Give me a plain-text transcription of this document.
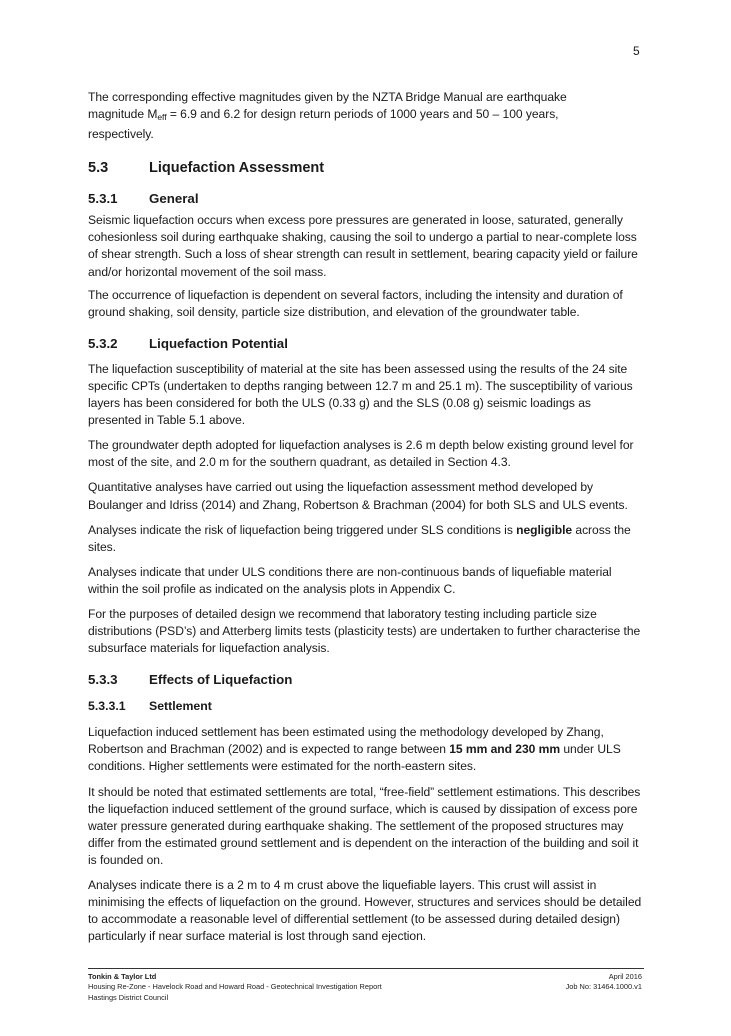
5

The corresponding effective magnitudes given by the NZTA Bridge Manual are earthquake
magnitude $M_{eff} = 6.9$ and 6.2 for design return periods of 1000 years and 50 – 100 years,
respectively.

5.3	Liquefaction Assessment
5.3.1	General

Seismic liquefaction occurs when excess pore pressures are generated in loose, saturated, generally cohesionless soil during earthquake shaking, causing the soil to undergo a partial to near-complete loss of shear strength. Such a loss of shear strength can result in settlement, bearing capacity yield or failure and/or horizontal movement of the soil mass.

The occurrence of liquefaction is dependent on several factors, including the intensity and duration of ground shaking, soil density, particle size distribution, and elevation of the groundwater table.

5.3.2	Liquefaction Potential

The liquefaction susceptibility of material at the site has been assessed using the results of the 24 site specific CPTs (undertaken to depths ranging between 12.7 m and 25.1 m). The susceptibility of various layers has been considered for both the ULS (0.33 g) and the SLS (0.08 g) seismic loadings as presented in Table 5.1 above.

The groundwater depth adopted for liquefaction analyses is 2.6 m depth below existing ground level for most of the site, and 2.0 m for the southern quadrant, as detailed in Section 4.3.

Quantitative analyses have carried out using the liquefaction assessment method developed by Boulanger and Idriss (2014) and Zhang, Robertson & Brachman (2004) for both SLS and ULS events.

Analyses indicate the risk of liquefaction being triggered under SLS conditions is negligible across the sites.

Analyses indicate that under ULS conditions there are non-continuous bands of liquefiable material within the soil profile as indicated on the analysis plots in Appendix C.

For the purposes of detailed design we recommend that laboratory testing including particle size distributions (PSD’s) and Atterberg limits tests (plasticity tests) are undertaken to further characterise the subsurface materials for liquefaction analysis.

5.3.3	Effects of Liquefaction
5.3.3.1	Settlement

Liquefaction induced settlement has been estimated using the methodology developed by Zhang, Robertson and Brachman (2002) and is expected to range between 15 mm and 230 mm under ULS conditions. Higher settlements were estimated for the north-eastern sites.

It should be noted that estimated settlements are total, “free-field” settlement estimations. This describes the liquefaction induced settlement of the ground surface, which is caused by dissipation of excess pore water pressure generated during earthquake shaking. The settlement of the proposed structures may differ from the estimated ground settlement and is dependent on the interaction of the building and soil it is founded on.

Analyses indicate there is a 2 m to 4 m crust above the liquefiable layers. This crust will assist in minimising the effects of liquefaction on the ground. However, structures and services should be detailed to accommodate a reasonable level of differential settlement (to be assessed during detailed design) particularly if near surface material is lost through sand ejection.

Tonkin & Taylor Ltd
Housing Re-Zone - Havelock Road and Howard Road - Geotechnical Investigation Report
Hastings District Council
April 2016
Job No: 31464.1000.v1
